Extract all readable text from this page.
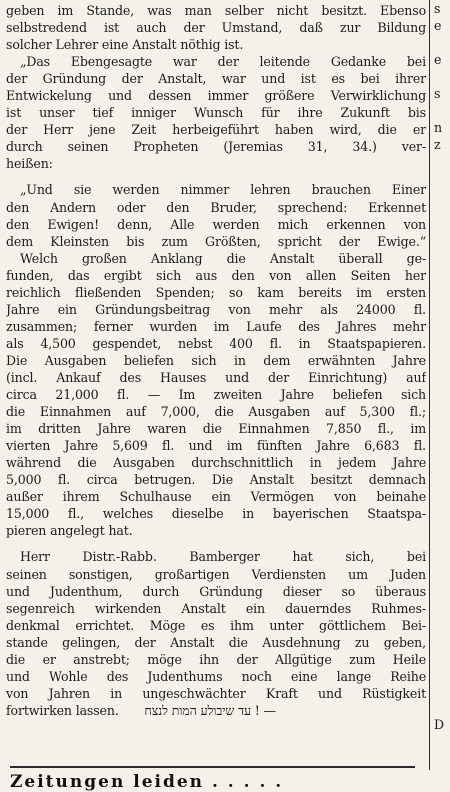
geben im Stande, was man selber nicht besitzt. Ebenso
selbstredend ist auch der Umstand, daß zur Bildung
solcher Lehrer eine Anstalt nöthig ist.

„Das Ebengesagte war der leitende Gedanke bei
der Gründung der Anstalt, war und ist es bei ihrer
Entwickelung und dessen immer größere Verwirklichung
ist unser tief inniger Wunsch für ihre Zukunft bis
der Herr jene Zeit herbeigeführt haben wird, die er
durch seinen Propheten (Jeremias 31, 34.) ver-
heißen:

„Und sie werden nimmer lehren brauchen Einer
den Andern oder den Bruder, sprechend: Erkennet
den Ewigen! denn, Alle werden mich erkennen von
dem Kleinsten bis zum Größten, spricht der Ewige.“

Welch großen Anklang die Anstalt überall ge-
funden, das ergibt sich aus den von allen Seiten her
reichlich fließenden Spenden; so kam bereits im ersten
Jahre ein Gründungsbeitrag von mehr als 24000 fl.
zusammen; ferner wurden im Laufe des Jahres mehr
als 4,500 gespendet, nebst 400 fl. in Staatspapieren.
Die Ausgaben beliefen sich in dem erwähnten Jahre
(incl. Ankauf des Hauses und der Einrichtung) auf
circa 21,000 fl. — Im zweiten Jahre beliefen sich
die Einnahmen auf 7,000, die Ausgaben auf 5,300 fl.;
im dritten Jahre waren die Einnahmen 7,850 fl., im
vierten Jahre 5,609 fl. und im fünften Jahre 6,683 fl.
während die Ausgaben durchschnittlich in jedem Jahre
5,000 fl. circa betrugen. Die Anstalt besitzt demnach
außer ihrem Schulhause ein Vermögen von beinahe
15,000 fl., welches dieselbe in bayerischen Staatspa-
pieren angelegt hat.

Herr Distr.-Rabb. Bamberger hat sich, bei
seinen sonstigen, großartigen Verdiensten um Juden
und Judenthum, durch Gründung dieser so überaus
segenreich wirkenden Anstalt ein dauerndes Ruhmes-
denkmal errichtet. Möge es ihm unter göttlichem Bei-
stande gelingen, der Anstalt die Ausdehnung zu geben,
die er anstrebt; möge ihn der Allgütige zum Heile
und Wohle des Judenthums noch eine lange Reihe
von Jahren in ungeschwächter Kraft und Rüstigkeit
fortwirken lassen. עד שיבולע המות לנצח ! —

s
e
e
s
n
z
D
Zeitungen leiden . . . . .
